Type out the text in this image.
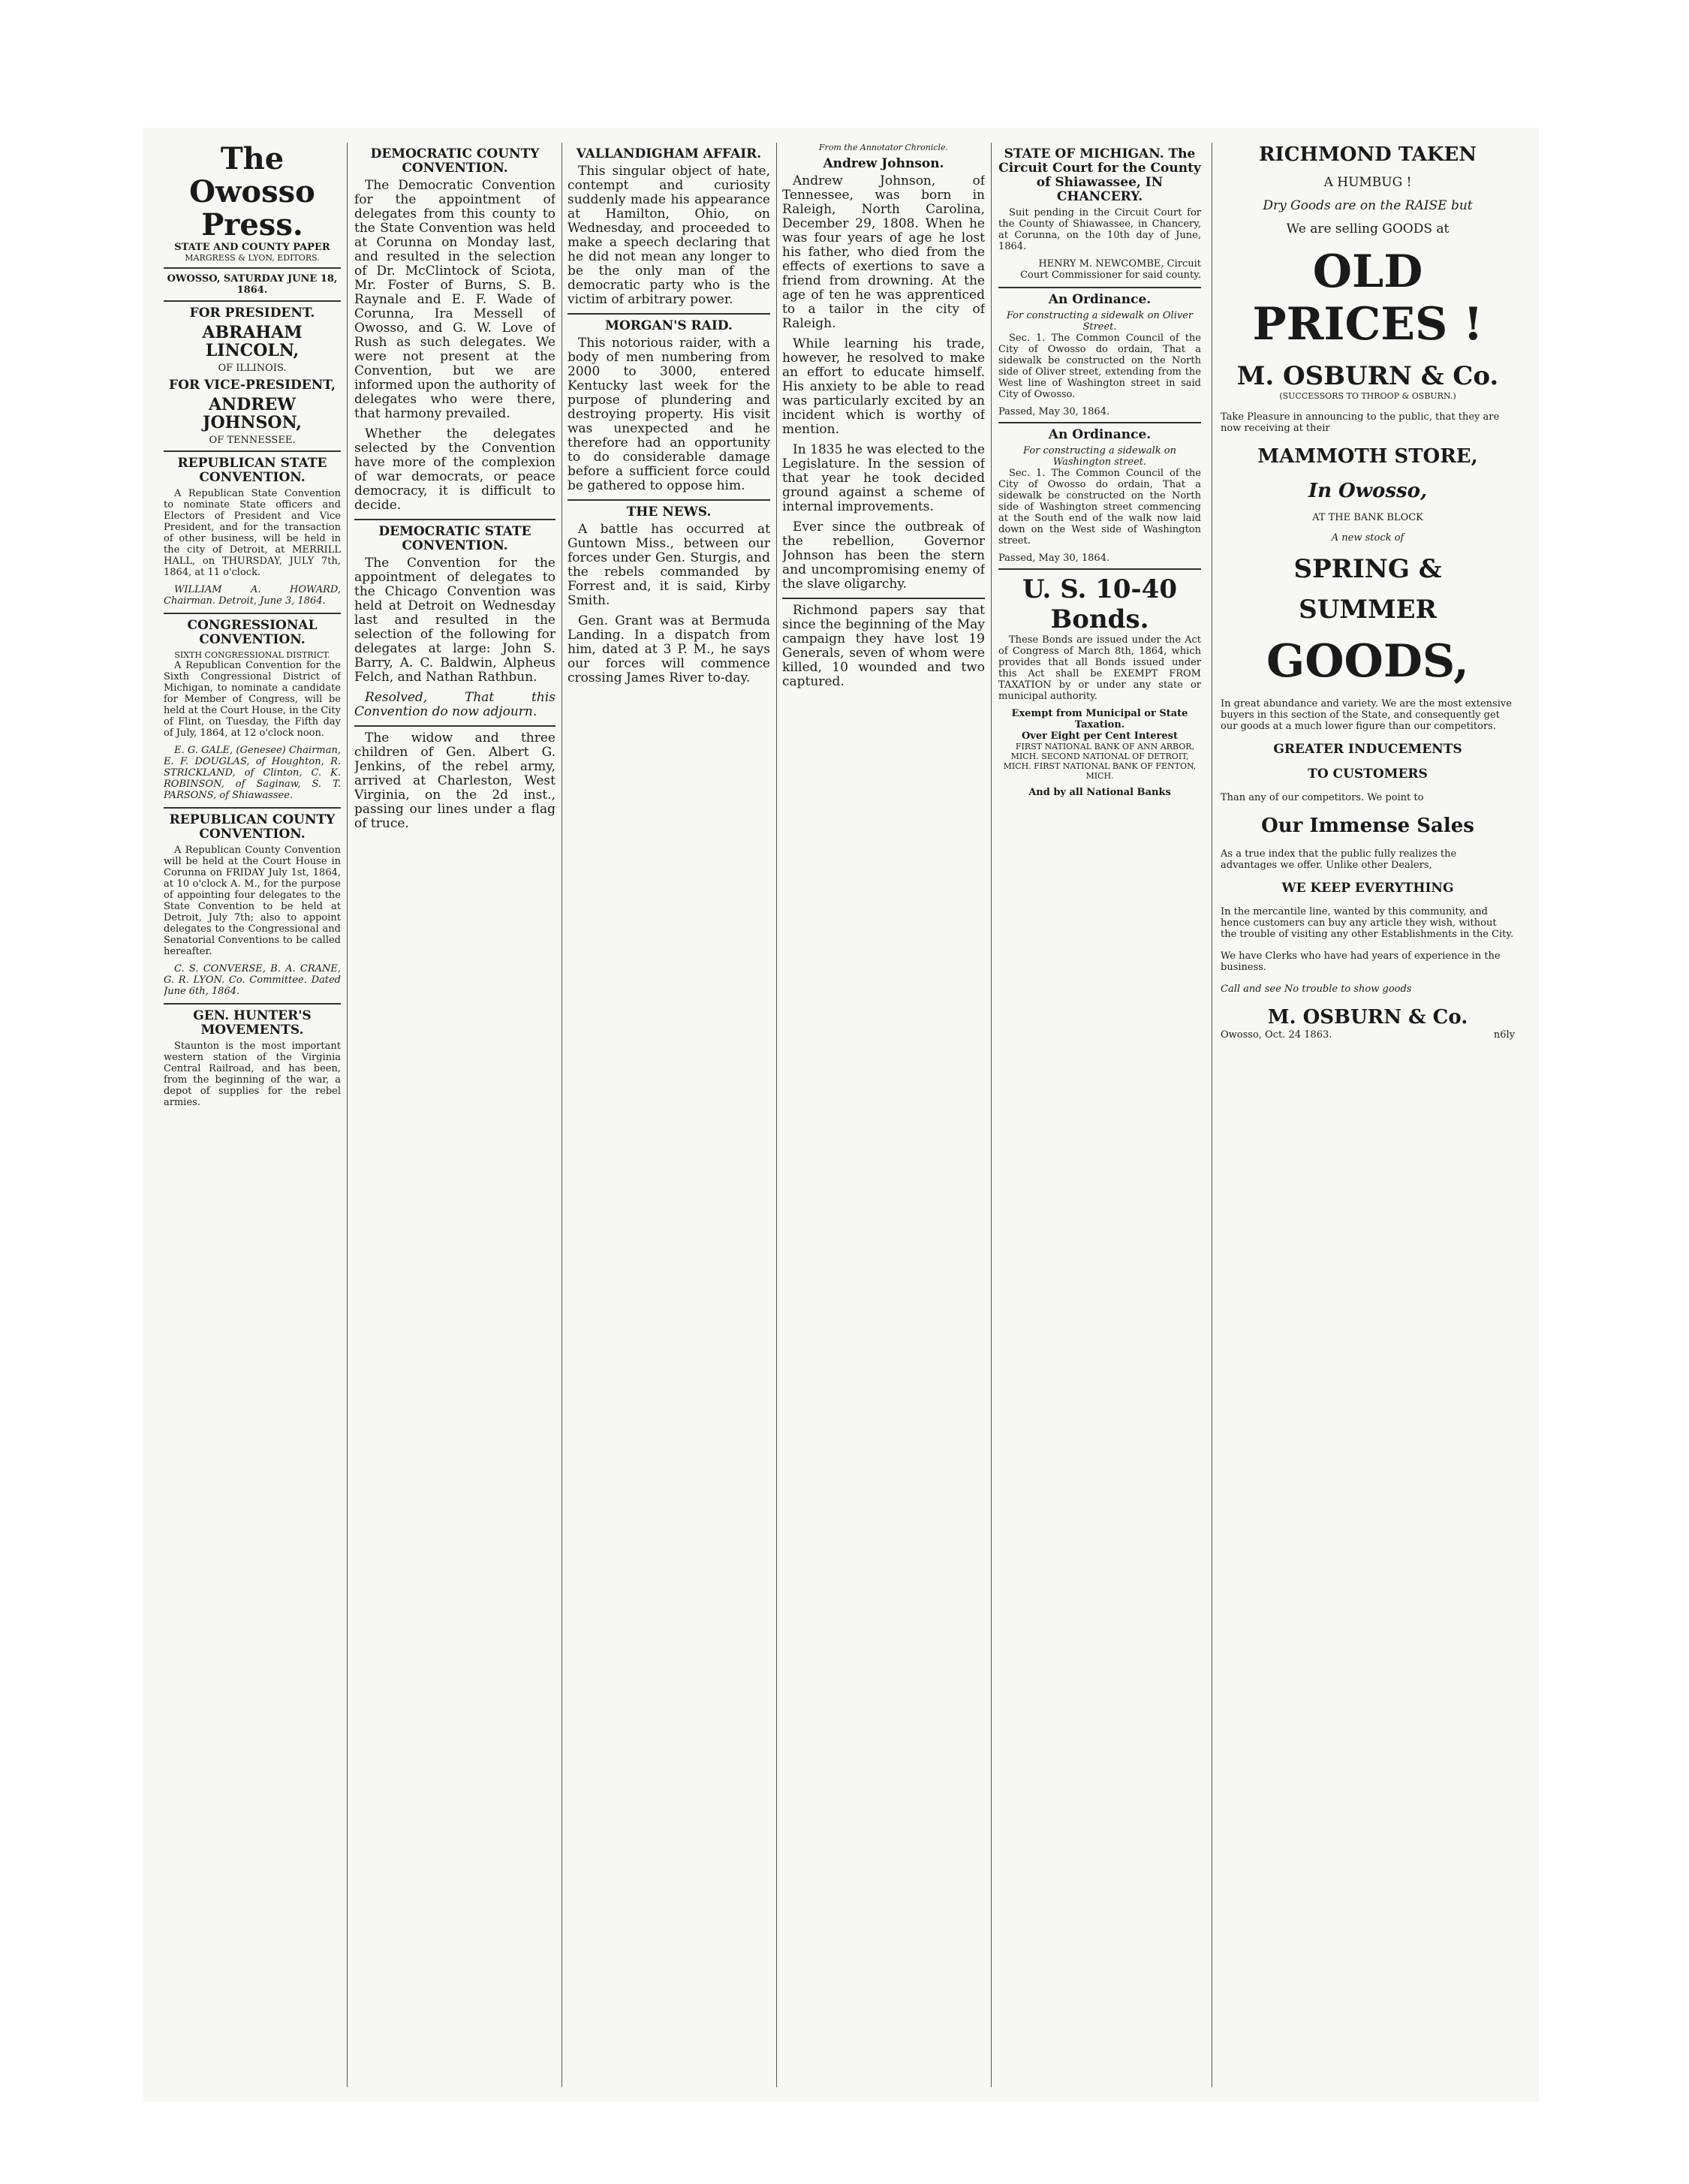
The Owosso Press.
STATE AND COUNTY PAPER
MARGRESS & LYON, EDITORS.
OWOSSO, SATURDAY JUNE 18, 1864.
FOR PRESIDENT.
ABRAHAM LINCOLN,
OF ILLINOIS.
FOR VICE-PRESIDENT,
ANDREW JOHNSON,
OF TENNESSEE.
REPUBLICAN STATE CONVENTION.

A Republican State Convention to nominate State officers and Electors of President and Vice President, and for the transaction of other business, will be held in the city of Detroit, at MERRILL HALL, on THURSDAY, JULY 7th, 1864, at 11 o'clock.

WILLIAM A. HOWARD, Chairman. Detroit, June 3, 1864.

CONGRESSIONAL CONVENTION.
SIXTH CONGRESSIONAL DISTRICT.

A Republican Convention for the Sixth Congressional District of Michigan, to nominate a candidate for Member of Congress, will be held at the Court House, in the City of Flint, on Tuesday, the Fifth day of July, 1864, at 12 o'clock noon.

E. G. GALE, (Genesee) Chairman, E. F. DOUGLAS, of Houghton, R. STRICKLAND, of Clinton, C. K. ROBINSON, of Saginaw, S. T. PARSONS, of Shiawassee.

REPUBLICAN COUNTY CONVENTION.

A Republican County Convention will be held at the Court House in Corunna on FRIDAY July 1st, 1864, at 10 o'clock A. M., for the purpose of appointing four delegates to the State Convention to be held at Detroit, July 7th; also to appoint delegates to the Congressional and Senatorial Conventions to be called hereafter.

C. S. CONVERSE, B. A. CRANE, G. R. LYON. Co. Committee. Dated June 6th, 1864.

GEN. HUNTER'S MOVEMENTS.

Staunton is the most important western station of the Virginia Central Railroad, and has been, from the beginning of the war, a depot of supplies for the rebel armies.

DEMOCRATIC COUNTY CONVENTION.

The Democratic Convention for the appointment of delegates from this county to the State Convention was held at Corunna on Monday last, and resulted in the selection of Dr. McClintock of Sciota, Mr. Foster of Burns, S. B. Raynale and E. F. Wade of Corunna, Ira Messell of Owosso, and G. W. Love of Rush as such delegates. We were not present at the Convention, but we are informed upon the authority of delegates who were there, that harmony prevailed.

Whether the delegates selected by the Convention have more of the complexion of war democrats, or peace democracy, it is difficult to decide.

DEMOCRATIC STATE CONVENTION.

The Convention for the appointment of delegates to the Chicago Convention was held at Detroit on Wednesday last and resulted in the selection of the following for delegates at large: John S. Barry, A. C. Baldwin, Alpheus Felch, and Nathan Rathbun.

Resolved, That this Convention do now adjourn.

The widow and three children of Gen. Albert G. Jenkins, of the rebel army, arrived at Charleston, West Virginia, on the 2d inst., passing our lines under a flag of truce.

VALLANDIGHAM AFFAIR.

This singular object of hate, contempt and curiosity suddenly made his appearance at Hamilton, Ohio, on Wednesday, and proceeded to make a speech declaring that he did not mean any longer to be the only man of the democratic party who is the victim of arbitrary power.

MORGAN'S RAID.

This notorious raider, with a body of men numbering from 2000 to 3000, entered Kentucky last week for the purpose of plundering and destroying property. His visit was unexpected and he therefore had an opportunity to do considerable damage before a sufficient force could be gathered to oppose him.

THE NEWS.

A battle has occurred at Guntown Miss., between our forces under Gen. Sturgis, and the rebels commanded by Forrest and, it is said, Kirby Smith.

Gen. Grant was at Bermuda Landing. In a dispatch from him, dated at 3 P. M., he says our forces will commence crossing James River to-day.

From the Annotator Chronicle.
Andrew Johnson.

Andrew Johnson, of Tennessee, was born in Raleigh, North Carolina, December 29, 1808. When he was four years of age he lost his father, who died from the effects of exertions to save a friend from drowning. At the age of ten he was apprenticed to a tailor in the city of Raleigh.

While learning his trade, however, he resolved to make an effort to educate himself. His anxiety to be able to read was particularly excited by an incident which is worthy of mention.

In 1835 he was elected to the Legislature. In the session of that year he took decided ground against a scheme of internal improvements.

Ever since the outbreak of the rebellion, Governor Johnson has been the stern and uncompromising enemy of the slave oligarchy.

Richmond papers say that since the beginning of the May campaign they have lost 19 Generals, seven of whom were killed, 10 wounded and two captured.

STATE OF MICHIGAN. The Circuit Court for the County of Shiawassee, IN CHANCERY.

Suit pending in the Circuit Court for the County of Shiawassee, in Chancery, at Corunna, on the 10th day of June, 1864.

HENRY M. NEWCOMBE, Circuit Court Commissioner for said county.

An Ordinance.
For constructing a sidewalk on Oliver Street.

Sec. 1. The Common Council of the City of Owosso do ordain, That a sidewalk be constructed on the North side of Oliver street, extending from the West line of Washington street in said City of Owosso.

Passed, May 30, 1864.
An Ordinance.
For constructing a sidewalk on Washington street.

Sec. 1. The Common Council of the City of Owosso do ordain, That a sidewalk be constructed on the North side of Washington street commencing at the South end of the walk now laid down on the West side of Washington street.

Passed, May 30, 1864.
U. S. 10-40 Bonds.

These Bonds are issued under the Act of Congress of March 8th, 1864, which provides that all Bonds issued under this Act shall be EXEMPT FROM TAXATION by or under any state or municipal authority.

Exempt from Municipal or State Taxation.
Over Eight per Cent Interest

FIRST NATIONAL BANK OF ANN ARBOR, MICH. SECOND NATIONAL OF DETROIT, MICH. FIRST NATIONAL BANK OF FENTON, MICH.

And by all National Banks
RICHMOND TAKEN
A HUMBUG !
Dry Goods are on the RAISE but
We are selling GOODS at
OLD PRICES !
M. OSBURN & Co.
(SUCCESSORS TO THROOP & OSBURN.)
Take Pleasure in announcing to the public, that they are now receiving at their
MAMMOTH STORE,
In Owosso,
AT THE BANK BLOCK
A new stock of
SPRING &
SUMMER
GOODS,
In great abundance and variety. We are the most extensive buyers in this section of the State, and consequently get our goods at a much lower figure than our competitors.
GREATER INDUCEMENTS
TO CUSTOMERS
Than any of our competitors. We point to
Our Immense Sales
As a true index that the public fully realizes the advantages we offer. Unlike other Dealers,
WE KEEP EVERYTHING
In the mercantile line, wanted by this community, and hence customers can buy any article they wish, without the trouble of visiting any other Establishments in the City.
We have Clerks who have had years of experience in the business.
Call and see No trouble to show goods
M. OSBURN & Co.
Owosso, Oct. 24 1863.	n6ly
